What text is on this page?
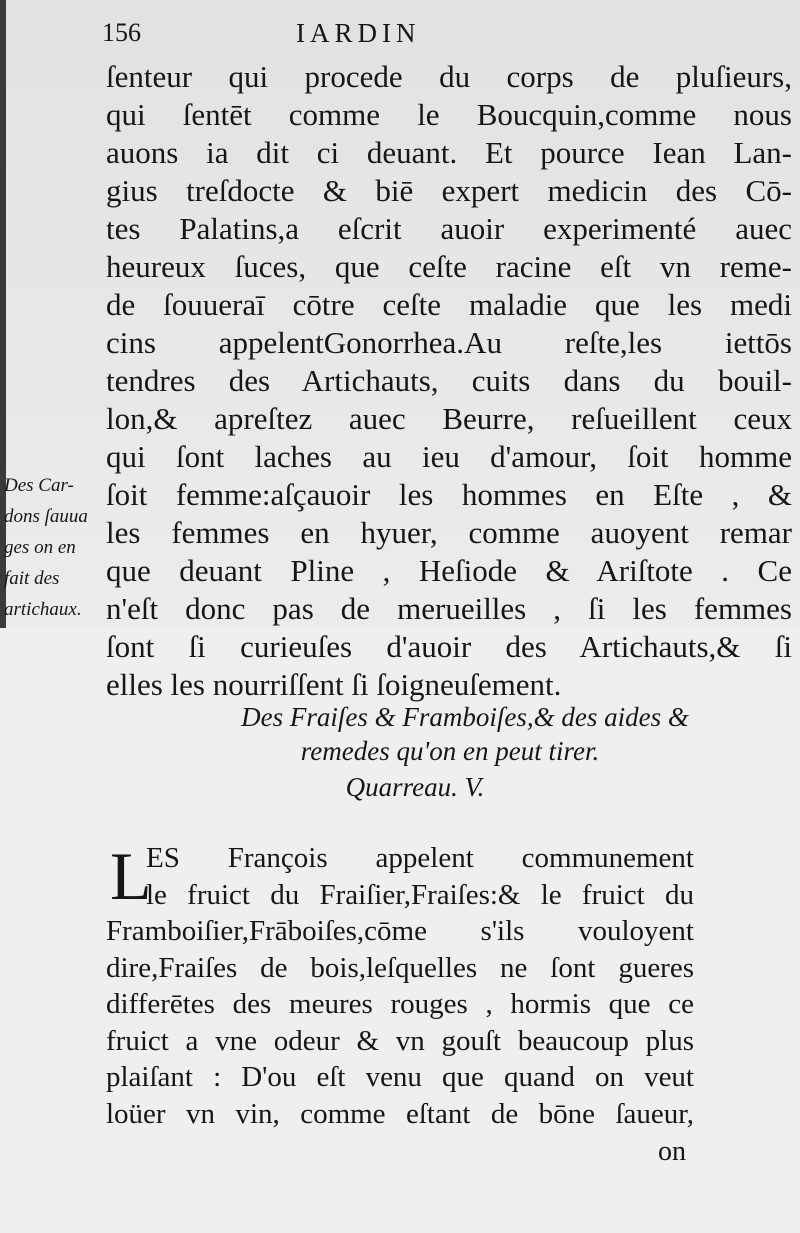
156	IARDIN
ſenteur qui procede du corps de pluſieurs,
qui ſentēt comme le Boucquin,comme nous
auons ia dit ci deuant. Et pource Iean Lan-
gius treſdocte & biē expert medicin des Cō-
tes Palatins,a eſcrit auoir experimenté auec
heureux ſuces, que ceſte racine eſt vn reme-
de ſouueraī cōtre ceſte maladie que les medi
cins appelentGonorrhea.Au reſte,les iettōs
tendres des Artichauts, cuits dans du bouil-
lon,& apreſtez auec Beurre, reſueillent ceux
qui ſont laches au ieu d'amour, ſoit homme
ſoit femme:aſçauoir les hommes en Eſte , &
les femmes en hyuer, comme auoyent remar
que deuant Pline , Heſiode & Ariſtote . Ce
n'eſt donc pas de merueilles , ſi les femmes
ſont ſi curieuſes d'auoir des Artichauts,& ſi
elles les nourriſſent ſi ſoigneuſement.
Des Car-
dons ſauua
ges on en
fait des
artichaux.
Des Fraiſes & Framboiſes,& des aides &
remedes qu'on en peut tirer.
Quarreau. V.
L
ES François appelent communement
le fruict du Fraiſier,Fraiſes:& le fruict du
Framboiſier,Frāboiſes,cōme s'ils vouloyent
dire,Fraiſes de bois,leſquelles ne ſont gueres
differētes des meures rouges , hormis que ce
fruict a vne odeur & vn gouſt beaucoup plus
plaiſant : D'ou eſt venu que quand on veut
loüer vn vin, comme eſtant de bōne ſaueur,
on
